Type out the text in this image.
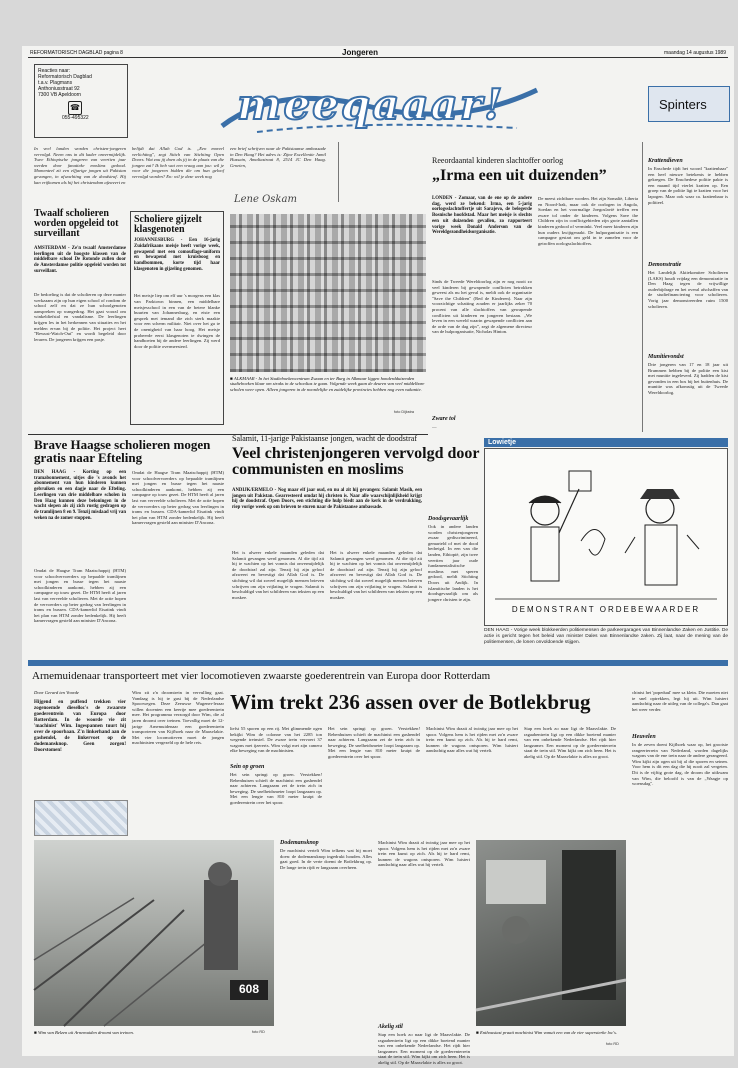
REFORMATORISCH DAGBLAD pagina 8	Jongeren	maandag 14 augustus 1989
Reacties naar:
Reformatorisch Dagblad
t.a.v. Plagmans
Anthoniusstraat 92
7300 VB Apeldoorn
☎
055-495322	meeqaaar!	Spinters
In veel landen worden christen-jongeren vervolgd. Neem ons in dit kader onvermijdelijk. Twee Ethiopische jongeren van veertien jaar werden door fanatieke moslims gedood. Momenteel zit een elfjarige jongen uit Pakistan gevangen, in afwachting van de doodstraf. Hij kan vrijkomen als hij het christendom afzweert en
belijdt dat Allah God is. „Een moreel verlichting", zegt Stitch van Stichting Open Doors. Wat zou jij doen als jij in de plaats van die jongen zat? Ik heb wat een vraag aan jou: wil je voor die jongeren bidden die om hun geloof vervolgd worden? En: wil je deze week nog
een brief schrijven naar de Pakistaanse ambassade in Den Haag? Het adres is: Zijne Excellentie Jamil Hussain, Amaliastraat 8, 2514 JC Den Haag. Groeten,
Lene Oskam
Twaalf scholieren worden opgeleid tot surveillant
AMSTERDAM - Ze'n twaalf Amsterdamse leerlingen uit de hoogste klassen van de middelbare school De Rotonde zullen door de Amsterdamse politie opgeleid worden tot surveillant.
De bedoeling is dat de scholieren op deze manier werkzaam zijn op hun eigen school of rondom de school zelf en dat ze hun schoolgenoten aanspreken op wangedrag. Het gaat vooral om winkeldiefstal en vandalisme. De leerlingen krijgen les in het herkennen van situaties en het melden ervan bij de politie. Het project heet "Bewust-Watch-Out" en wordt begeleid door leraren. De jongeren krijgen een pasje.
Scholiere gijzelt klasgenoten
JOHANNESBURG - Een 16-jarig Zuidafrikaans meisje heeft vorige week, gewapend met een comouflage-uniform en bewapend met kruisboog en handbommen, korte tijd haar klasgenoten in gijzeling genomen.
Het meisje liep om elf uur 's morgens een klas van Parktown binnen, een middelbare meisjesschool in een van de betere blanke buurten van Johannesburg, en eiste een gesprek met iemand die zich sterk maakte voor een scherm militair. Niet over het ga te de onenigheid van haar hoog. Het meisje probeerde eerst klasgenoten te dwingen de handboeien bij de andere leerlingen. Zij werd door de politie overmeesterd.
■ ALKMAAR - In het Studieboekencentrum Zwaan en ter Burg in Alkmaar liggen honderdduizenden studieboeken klaar om straks in de schooltas te gaan. Volgende week gaan de deuren van veel middelbare scholen weer open. Alleen jongeren in de noordelijke en zuidelijke provincies hebben nog even vakantie.
foto Dijkstra
Reeordaantal kinderen slachtoffer oorlog
„Irma een uit duizenden”
LONDEN - Zomaar, van de ene op de andere dag, werd ze bekend: Irma, een 5-jarig oorlogsslachtoffertje uit Sarajevo, de belegerde Bosnische hoofdstad. Maar het meisje is slechts een uit duizenden gevallen, zo rapporteert vorige week Donald Anderson van de Wereldgezondheidsorganisatie.
Sinds de Tweede Wereldoorlog zijn er nog nooit zo veel kinderen bij gewapende conflicten betrokken geweest als nu het geval is, meldt ook de organisatie "Save the Children" (Red de Kinderen). Naar zijn voorzichtige schatting zouden er jaarlijks zeker 70 procent van alle slachtoffers van gewapende conflicten uit kinderen en jongeren bestaan. „We leven in een wereld waarin gewapende conflicten aan de orde van de dag zijn”, zegt de algemene directeur van de hulporganisatie, Nicholas Hinton.
Zware tol
—
De meest zichtbare worden. Het zijn Somalië, Liberia en Noord-Irak, maar ook de oorlogen in Angola, Soedan en het voormalige Joegoslavië treffen een zware tol onder de kinderen. Volgens Save the Children zijn in conflictgebieden zijn grote aantallen kinderen gedood of verminkt. Veel meer kinderen zijn hun ouders kwijtgeraakt. De hulporganisatie is een campagne gestart om geld in te zamelen voor de getroffen oorlogsslachtoffers.
Krattendieven
In Enschede tijdt het woord "krattenbaar" een heel nieuwe betekenis te hebben gekregen. De Enschedese politie pakte is een maand tijd vierlei kratten op. Een groep van de politie ligt te kratten voor het lapogen. Maar ook waar ca. krattenbaar is politieel.
Demonstratie
Het Landelijk Aktiekomitee Scholieren (LAKS) houdt vrijdag een demonstratie in Den Haag tegen de vrijwillige ouderbijdrage en het overal afschaffen van de studiefinanciering voor scholieren. Vorig jaar demonstreerden ruim 1500 scholieren.
Munitievondst
Drie jongeren van 17 en 18 jaar uit Brummen hebben bij de politie een kist met munitie ingeleverd. Zij hadden de kist gevonden in een bos bij het buitenhuis. De munitie was afkomstig uit de Tweede Wereldoorlog.
Brave Haagse scholieren mogen gratis naar Efteling
DEN HAAG - Korting op een tramabonnement, uitjes die 's avonds het abonnement van hun kinderen kunnen gebruiken en een dagje naar de Efteling. Leerlingen van drie middelbare scholen in Den Haag kunnen deze beloningen in de wacht slepen als zij zich rustig gedragen op de tramlijnen 8 en 9. Tenzij misdaad vrij van weken na de zomer stoppen.
Omdat de Haagse Tram Maatschappij (HTM) voor schoolvervoerders op bepaalde tramlijnen met jongen en busse tegen het naaste schoolkinderen aankomt, hebben zij een campagne op touw gezet. De HTM heeft al jaren last van verveelde scholieren. Met de actie hopen de vervoerders op beter gedrag van leerlingen in trams en bussen. CDA-kamerlid Eisatink vindt het plan van HTM zonder bedenkelijk. Hij heeft kamervragen gesteld aan minister D'Ancona.
Omdat de Haagse Tram Maatschappij (HTM) voor schoolvervoerders op bepaalde tramlijnen met jongen en busse tegen het naaste schoolkinderen aankomt, hebben zij een campagne op touw gezet. De HTM heeft al jaren last van verveelde scholieren. Met de actie hopen de vervoerders op beter gedrag van leerlingen in trams en bussen. CDA-kamerlid Eisatink vindt het plan van HTM zonder bedenkelijk. Hij heeft kamervragen gesteld aan minister D'Ancona.
Salamit, 11-jarige Pakistaanse jongen, wacht de doodstraf
Veel christenjongeren vervolgd door communisten en moslims
ANDIJK/ERMELO - Nog maar elf jaar oud, en nu al zit hij gevangen: Salamit Masih, een jongen uit Pakistan. Gearresteerd omdat hij christen is. Naar alle waarschijnlijkheid krijgt hij de doodstraf. Open Doors, een stichting die hulp biedt aan de kerk in de verdrukking, riep vorige week op om brieven te sturen naar de Pakistaanse ambassade.
Het is alweer enkele maanden geleden dat Salamit gevangen werd genomen. Al die tijd zit hij te wachten op het vonnis dat onvermijdelijk de doodstraf zal zijn. Tenzij hij zijn geloof afzweert en bevestigt dat Allah God is. De stichting wil dat zoveel mogelijk mensen brieven schrijven om zijn vrijlating te vragen. Salamit is beschuldigd van het schilderen van teksten op een moskee.
Het is alweer enkele maanden geleden dat Salamit gevangen werd genomen. Al die tijd zit hij te wachten op het vonnis dat onvermijdelijk de doodstraf zal zijn. Tenzij hij zijn geloof afzweert en bevestigt dat Allah God is. De stichting wil dat zoveel mogelijk mensen brieven schrijven om zijn vrijlating te vragen. Salamit is beschuldigd van het schilderen van teksten op een moskee.
Doodsgevaarlijk
Ook in andere landen worden christenjongeren zwaar gediscrimineerd, gemarteld of met de dood bedreigd. In een van die landen, Ethiopië, zijn twee veertien jaar oude fundamentalistische moslims met speren gedood, meldt Stichting Doors uit Andijk. In islamitische landen is het doodsgevaarlijk om als jongere christen te zijn.
Lowietje
DEMONSTRANT ORDEBEWAARDER
DEN HAAG - Vorige week blokkeerden politiemensen de parkeergarages van Binnenlandse Zaken en Justitie. De actie is gericht tegen het beleid van minister Dales van Binnenlandse zaken. Zij laat, naar de mening van de politiemensen, de lonen onvoldoende stijgen.
Arnemuidenaar transporteert met vier locomotieven zwaarste goederentrein van Europa door Rotterdam
Door Gerard ten Voorde
Hijgend en puffend trekken vier zogenoemde dieselloc's de zwaarste goederentrein van Europa door Rotterdam. In de woorde vie zit 'machinist' Wim. Ingespannen tuurt hij over de spoorbaan. Z'n linkerhand aan de gashendel, de linkervoet op de dodemansknop. Geen zorgen! Doorstomen!
Wim zit z'n droomtrein in vervulling gaat. Vandaag is hij te gast bij de Nederlandse Spoorwegen. Deze Zeeuwse Wagener-leraar willen docenten een keertje mee goederentrein mee. Het programma verzorgd door Wim, die al jaren droomt over treinen. Toevallig moet de 12-jarige Arnemuidenaar een goederentrein transporteren van Kijfhoek naar de Maasvlakte. Met vier locomotieven moet de jongen machinisten vergezeld op de hele reis.
Wim trekt 236 assen over de Botlekbrug
liefst 55 sporen op een rij. Met glimmende ogen bekijkt Wim de colonne van het 2285 ton wegende treinstel. De zware trein vervoert 37 wagons met ijzererts. Wim volgt met zijn camera elke beweging van de machinisten.
Sein op groen
Het sein springt op groen. Verstekken! Rebenhuisen schieft de machinist een gashendel naar achteren. Langzaam zet de trein zich in beweging. De snelheidsmeter loopt langzaam op. Met een lengte van 810 meter kruipt de goederentrein over het spoor.
Het sein springt op groen. Verstekken! Rebenhuisen schieft de machinist een gashendel naar achteren. Langzaam zet de trein zich in beweging. De snelheidsmeter loopt langzaam op. Met een lengte van 810 meter kruipt de goederentrein over het spoor.
Machinist Wim draait al twintig jaar mee op het spoor. Volgens hem is het rijden met zo'n zware trein een kunst op zich. Als hij te hard remt, kunnen de wagons ontsporen. Wim luistert aandachtig naar alles wat hij vertelt.
Stap een hoek zo naar ligt de Maasvlakte. De ragaabentrein ligt op een dikke boeiend manier van een onbekende Nederlandse. Het rijdt hier langzamer. Een moment op de goederenterrein staat de trein stil. Wim kijkt om zich heen. Het is akelig stil. Op de Maasvlakte is alles zo groot.
chinist het 'popeduul' mee sa klein. Die moeten niet te snel optrekken, legt hij uit. Wim luistert aandachtig naar de uitleg van de collega's. Dan gaat het weer verder.
Heuvelen
In de zeven doeni Kijfhoek waar op, het grootste rangeerterrein van Nederland, worden dagelijks wagons van de ene trein naar de andere gerangeerd. Wim kijkt zijn ogen uit bij al die sporen en seinen. Voor hem is dit een dag die hij nooit zal vergeten. Dit is de vijftig grote dag, de droom die uitkwam van Wim, die beloofd is van de „Waagje op woensdag".
608
■ Wim van Belzen uit Arnemuiden droomt van treinen.	foto RD
Dodemansknop
De machinist vertelt Wim telkens wat hij moet doen: de dodemansknop ingedrukt houden. Alles gaat goed. In de verte doemt de Botlekbrug op. De lange trein rijdt er langzaam overheen.
Machinist Wim draait al twintig jaar mee op het spoor. Volgens hem is het rijden met zo'n zware trein een kunst op zich. Als hij te hard remt, kunnen de wagons ontsporen. Wim luistert aandachtig naar alles wat hij vertelt.
Akelig stil
Stap een hoek zo naar ligt de Maasvlakte. De ragaabentrein ligt op een dikke boeiend manier van een onbekende Nederlandse. Het rijdt hier langzamer. Een moment op de goederenterrein staat de trein stil. Wim kijkt om zich heen. Het is akelig stil. Op de Maasvlakte is alles zo groot.
■ Enthousiast praati machinist Wim vanuit een van de vier supersterke loc's.
foto RD
